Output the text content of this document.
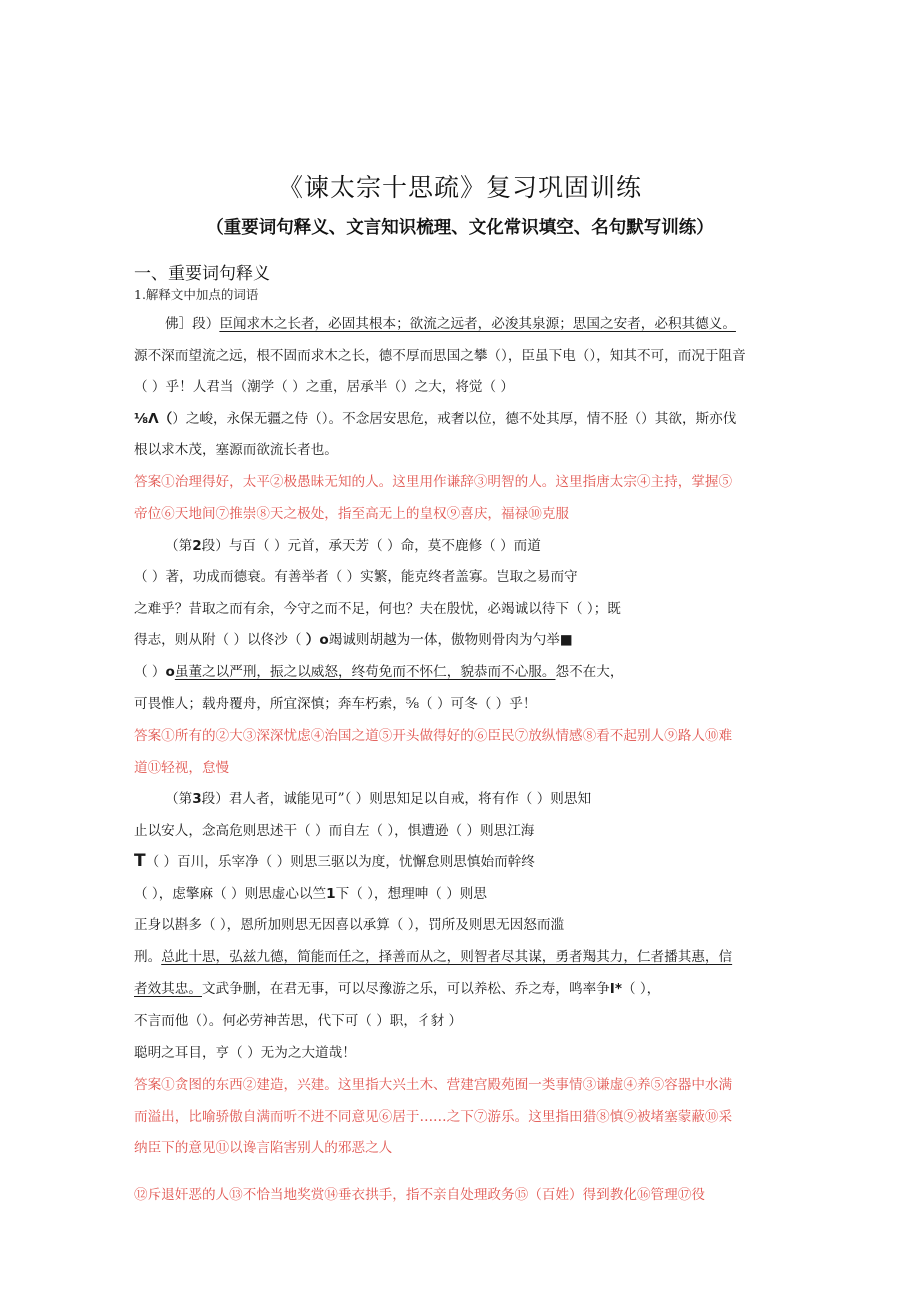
《谏太宗十思疏》复习巩固训练
（重要词句释义、文言知识梳理、文化常识填空、名句默写训练）
一、重要词句释义
1.解释文中加点的词语
佛］段）臣闻求木之长者，必固其根本；欲流之远者，必浚其泉源；思国之安者，必积其德义。
源不深而望流之远，根不固而求木之长，德不厚而思国之攀（），臣虽下电（），知其不可，而况于阻音
（ ）乎！人君当（潮学（ ）之重，居承半（）之大，将觉（ ）
⅛Λ（）之峻，永保无疆之侍（）。不念居安思危，戒奢以位，德不处其厚，情不胫（）其欲，斯亦伐
根以求木茂，塞源而欲流长者也。
答案①治理得好，太平②极愚昧无知的人。这里用作谦辞③明智的人。这里指唐太宗④主持，掌握⑤
帝位⑥天地间⑦推崇⑧天之极处，指至高无上的皇权⑨喜庆，福禄⑩克服
（第2段）与百（ ）元首，承天芳（ ）命，莫不鹿修（ ）而道
（ ）著，功成而德衰。有善举者（ ）实繁，能克终者盖寡。岂取之易而守
之难乎？昔取之而有余，今守之而不足，何也？夫在殷忧，必竭诚以待下（ ）；既
得志，则从附（ ）以佟沙（ ）o竭诚则胡越为一体，傲物则骨肉为勺举■
（ ）o虽董之以严刑，振之以威怒，终苟免而不怀仁，貌恭而不心服。怨不在大，
可畏惟人；载舟覆舟，所宜深慎；奔车朽索，⅝（ ）可冬（ ）乎！
答案①所有的②大③深深忧虑④治国之道⑤开头做得好的⑥臣民⑦放纵情感⑧看不起别人⑨路人⑩难
道⑪轻视，怠慢
（第3段）君人者，诚能见可”（ ）则思知足以自戒，将有作（ ）则思知
止以安人，念高危则思述干（ ）而自左（ ），惧遭逊（ ）则思江海
T（ ）百川，乐宰净（ ）则思三驱以为度，忧懈怠则思慎始而幹终
（ ），虑擎麻（ ）则思虚心以竺1下（ ），想理呻（ ）则思
正身以斟多（ ），恩所加则思无因喜以承算（ ），罚所及则思无因怒而滥
刑。总此十思，弘兹九德，简能而任之，择善而从之，则智者尽其谋，勇者羯其力，仁者播其惠，信
者效其忠。文武争删，在君无事，可以尽豫游之乐，可以养松、乔之寿，鸣率争I*（ ），
不言而他（）。何必劳神苦思，代下可（ ）职，彳豺 ）
聪明之耳目，亨（ ）无为之大道哉！
答案①贪图的东西②建造，兴建。这里指大兴土木、营建宫殿苑囿一类事情③谦虚④养⑤容器中水满
而溢出，比喻骄傲自满而听不进不同意见⑥居于……之下⑦游乐。这里指田猎⑧慎⑨被堵塞蒙蔽⑩采
纳臣下的意见⑪以谗言陷害别人的邪恶之人
⑫斥退奸恶的人⑬不恰当地奖赏⑭垂衣拱手，指不亲自处理政务⑮（百姓）得到教化⑯管理⑰役
